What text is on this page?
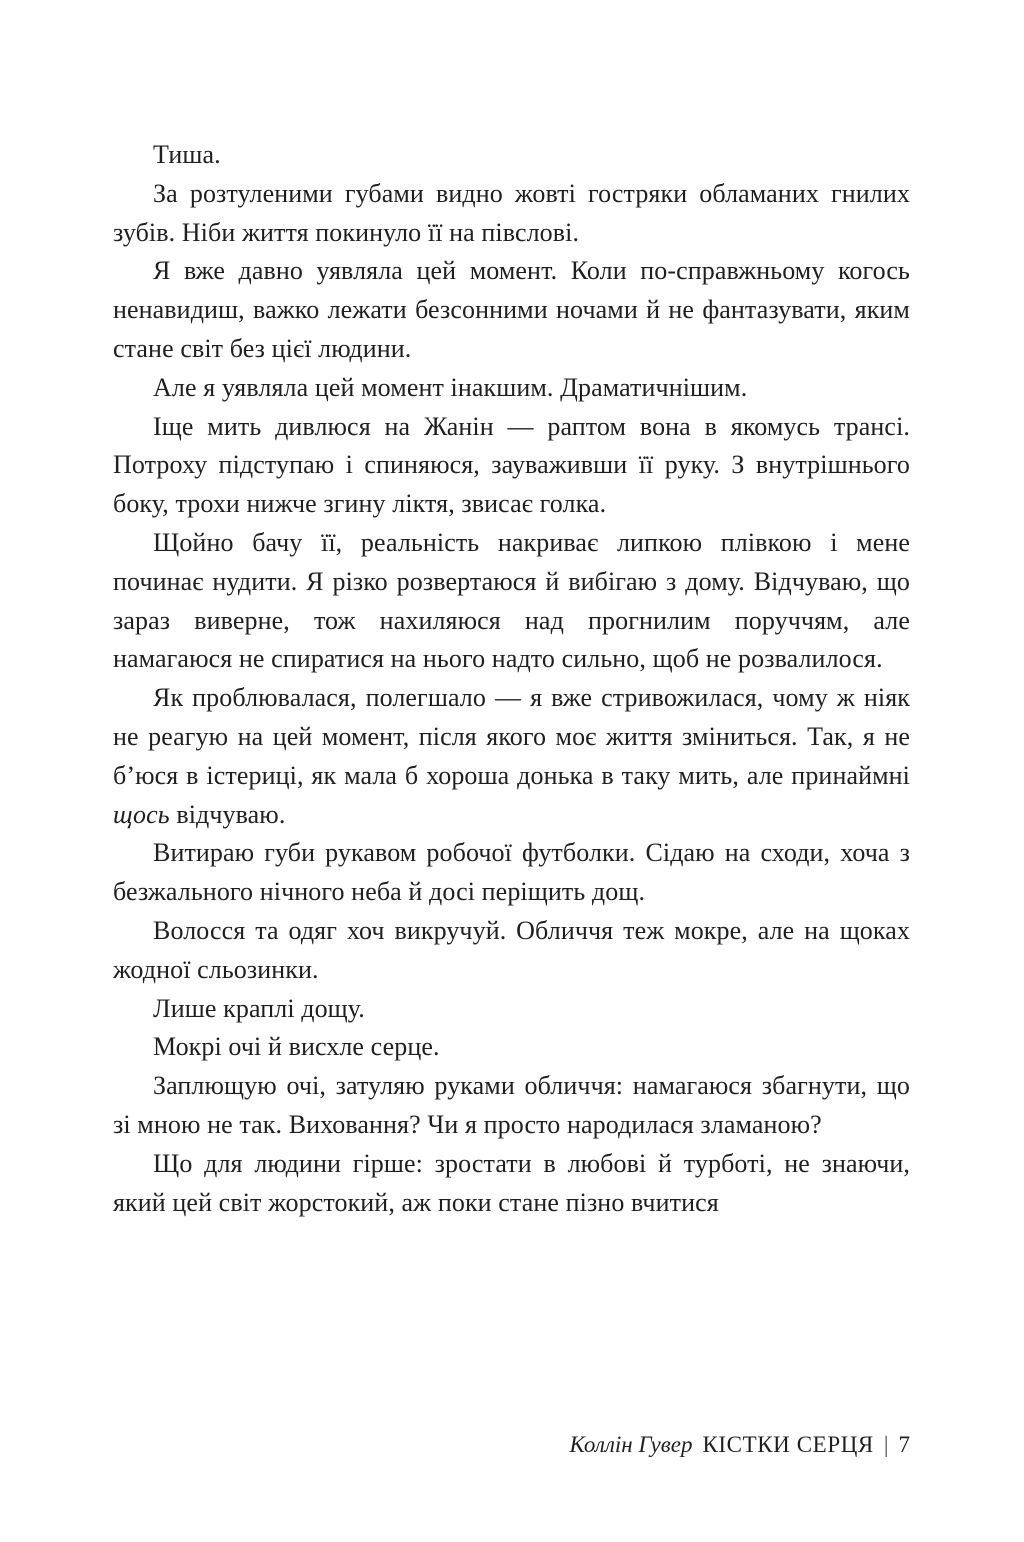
Тиша.

За розтуленими губами видно жовті гостряки обламаних гнилих зубів. Ніби життя покинуло її на півслові.

Я вже давно уявляла цей момент. Коли по-справжньому когось ненавидиш, важко лежати безсонними ночами й не фантазувати, яким стане світ без цієї людини.

Але я уявляла цей момент інакшим. Драматичнішим.

Іще мить дивлюся на Жанін — раптом вона в якомусь трансі. Потроху підступаю і спиняюся, зауваживши її руку. З внутрішнього боку, трохи нижче згину ліктя, звисає голка.

Щойно бачу її, реальність накриває липкою плівкою і мене починає нудити. Я різко розвертаюся й вибігаю з дому. Відчуваю, що зараз виверне, тож нахиляюся над прогнилим поруччям, але намагаюся не спиратися на нього надто сильно, щоб не розвалилося.

Як проблювалася, полегшало — я вже стривожилася, чому ж ніяк не реагую на цей момент, після якого моє життя зміниться. Так, я не б’юся в істериці, як мала б хороша донька в таку мить, але принаймні щось відчуваю.

Витираю губи рукавом робочої футболки. Сідаю на сходи, хоча з безжального нічного неба й досі періщить дощ.

Волосся та одяг хоч викручуй. Обличчя теж мокре, але на щоках жодної сльозинки.

Лише краплі дощу.

Мокрі очі й висхле серце.

Заплющую очі, затуляю руками обличчя: намагаюся збагнути, що зі мною не так. Виховання? Чи я просто народилася зламаною?

Що для людини гірше: зростати в любові й турботі, не знаючи, який цей світ жорстокий, аж поки стане пізно вчитися

Коллін Гувер КІСТКИ СЕРЦЯ | 7
